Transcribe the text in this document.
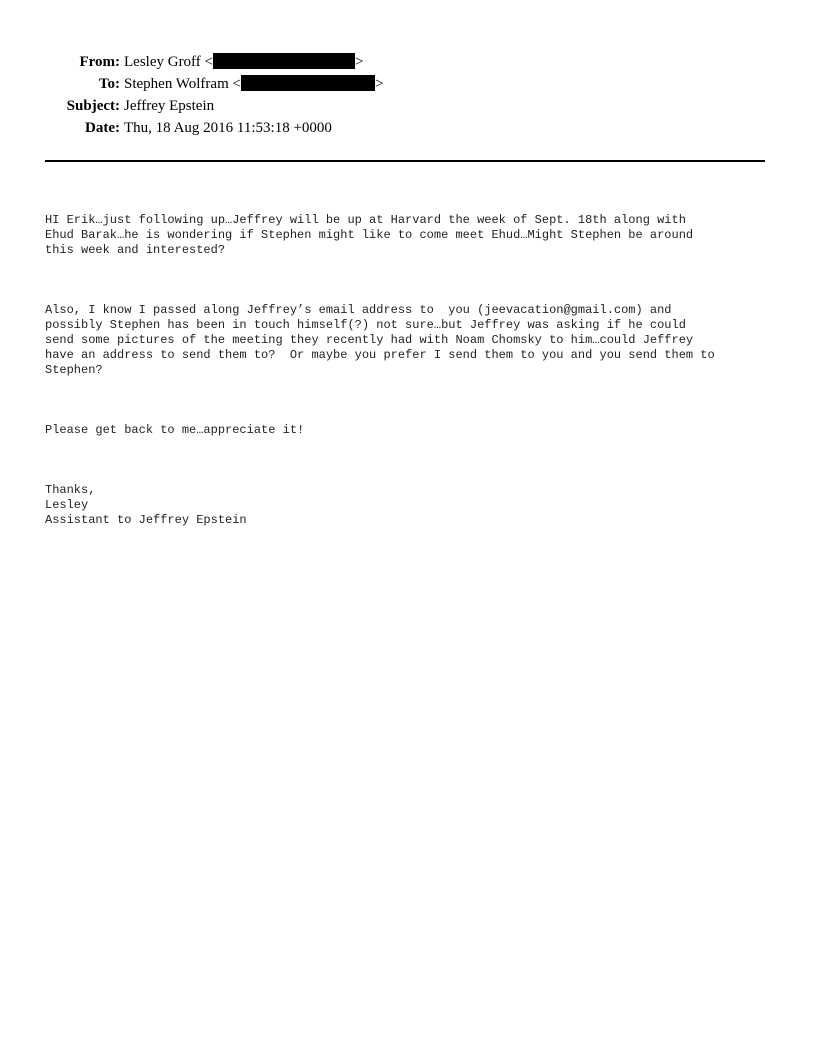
From: Lesley Groff <	>
To: Stephen Wolfram <	>
Subject: Jeffrey Epstein
Date: Thu, 18 Aug 2016 11:53:18 +0000

HI Erik…just following up…Jeffrey will be up at Harvard the week of Sept. 18th along with
Ehud Barak…he is wondering if Stephen might like to come meet Ehud…Might Stephen be around
this week and interested?

Also, I know I passed along Jeffrey’s email address to  you (jeevacation@gmail.com) and
possibly Stephen has been in touch himself(?) not sure…but Jeffrey was asking if he could
send some pictures of the meeting they recently had with Noam Chomsky to him…could Jeffrey
have an address to send them to?  Or maybe you prefer I send them to you and you send them to
Stephen?

Please get back to me…appreciate it!

Thanks,
Lesley
Assistant to Jeffrey Epstein
